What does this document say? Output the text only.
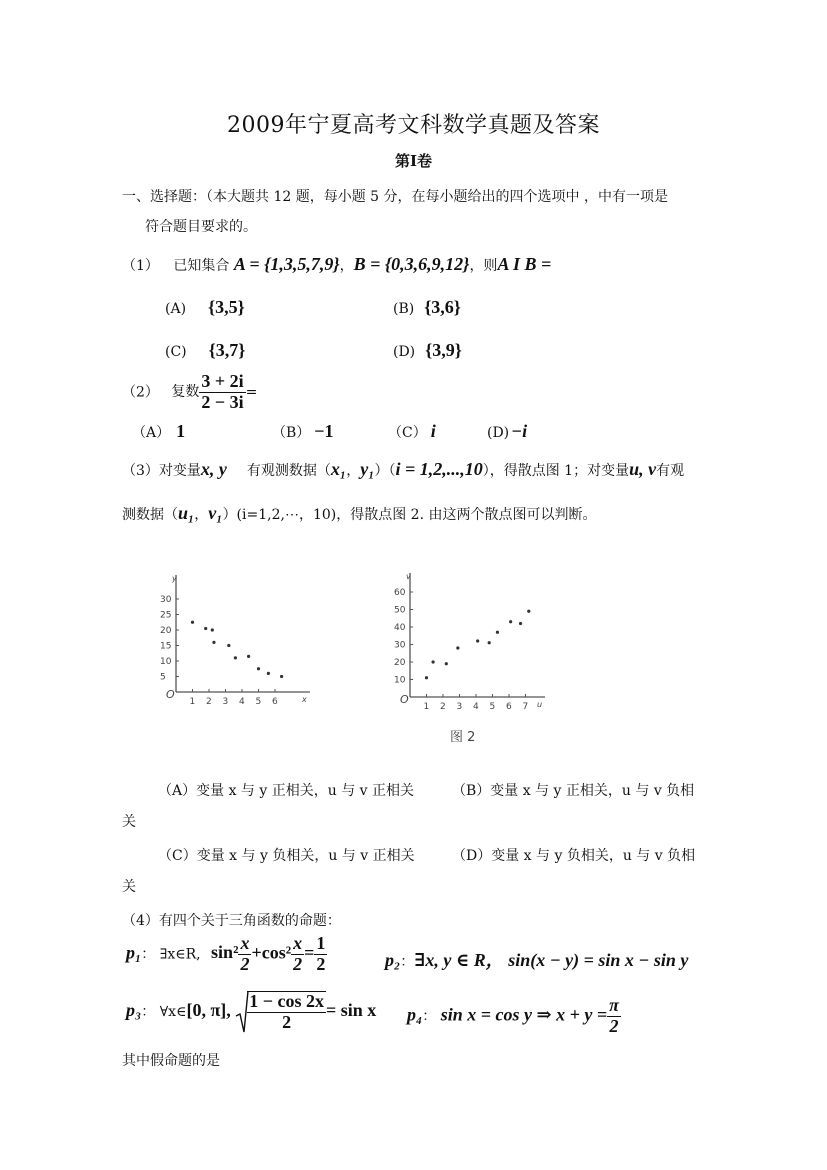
2009年宁夏高考文科数学真题及答案
第Ⅰ卷
一、选择题：（本大题共 12 题，每小题 5 分，在每小题给出的四个选项中 ，中有一项是
符合题目要求的。
（1） 已知集合 A = {1,3,5,7,9}，B = {0,3,6,9,12}，则A I B =
(A) {3,5}	(B) {3,6}
(C) {3,7}	(D) {3,9}
（2） 复数 $\frac{3 + 2i}{2 - 3i}$ =
（A） 1	（B） −1	（C） i	(D) −i
（3）对变量x, y 有观测数据（x₁，y₁）（i = 1,2,...,10），得散点图 1；对变量u, v有观
测数据（u₁，v₁）(i=1,2,⋯，10)，得散点图 2. 由这两个散点图可以判断。
O
y
x
1 2 3 4 5 6
5
10
15
20
25
30
O
v
u
1 2 3 4 5 6 7
10
20
30
40
50
60
图 2
（A）变量 x 与 y 正相关，u 与 v 正相关	（B）变量 x 与 y 正相关，u 与 v 负相
关
（C）变量 x 与 y 负相关，u 与 v 正相关	（D）变量 x 与 y 负相关，u 与 v 负相
关
（4）有四个关于三角函数的命题：
p₁： ∃x∈R, $\sin^2 \frac{x}{2} +\cos^2 \frac{x}{2} = \frac{1}{2}$	p₂：∃x, y ∈ R， sin(x − y) = sin x − sin y
p₃： ∀x∈[0, π], $\frac{1 - \cos 2x}{2} = \sin x$ p₄： sin x = cos y ⇒ $x + y = \frac{\pi}{2}$
其中假命题的是
